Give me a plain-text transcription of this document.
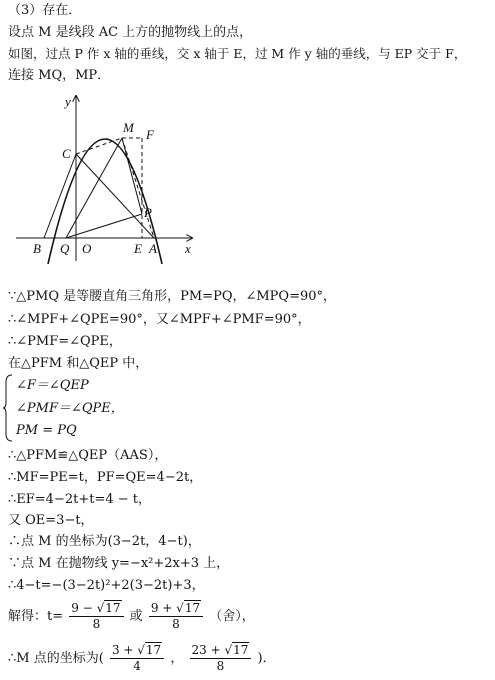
（3）存在．
设点 M 是线段 AC 上方的抛物线上的点，
如图，过点 P 作 x 轴的垂线，交 x 轴于 E，过 M 作 y 轴的垂线，与 EP 交于 F，
连接 MQ，MP．
y
x
C
M F
P
B Q O	E A
∵△PMQ 是等腰直角三角形，PM=PQ，∠MPQ=90°，
∴∠MPF+∠QPE=90°，又∠MPF+∠PMF=90°，
∴∠PMF=∠QPE，
在△PFM 和△QEP 中，
∠F＝∠QEP
∠PMF＝∠QPE，
PM = PQ
∴△PFM≌△QEP（AAS），
∴MF=PE=t，PF=QE=4−2t，
∴EF=4−2t+t=4 − t，
又 OE=3−t，
∴点 M 的坐标为(3−2t，4−t)，
∵点 M 在抛物线 y=−x²+2x+3 上，
∴4−t=−(3−2t)²+2(3−2t)+3，
解得：$t= \frac{9 - √17}{8}$ 或 $\frac{9 + √17}{8}$ （舍），
∴M 点的坐标为( $\frac{3 + √17}{4}$ ， $\frac{23 + √17}{8}$ )．
